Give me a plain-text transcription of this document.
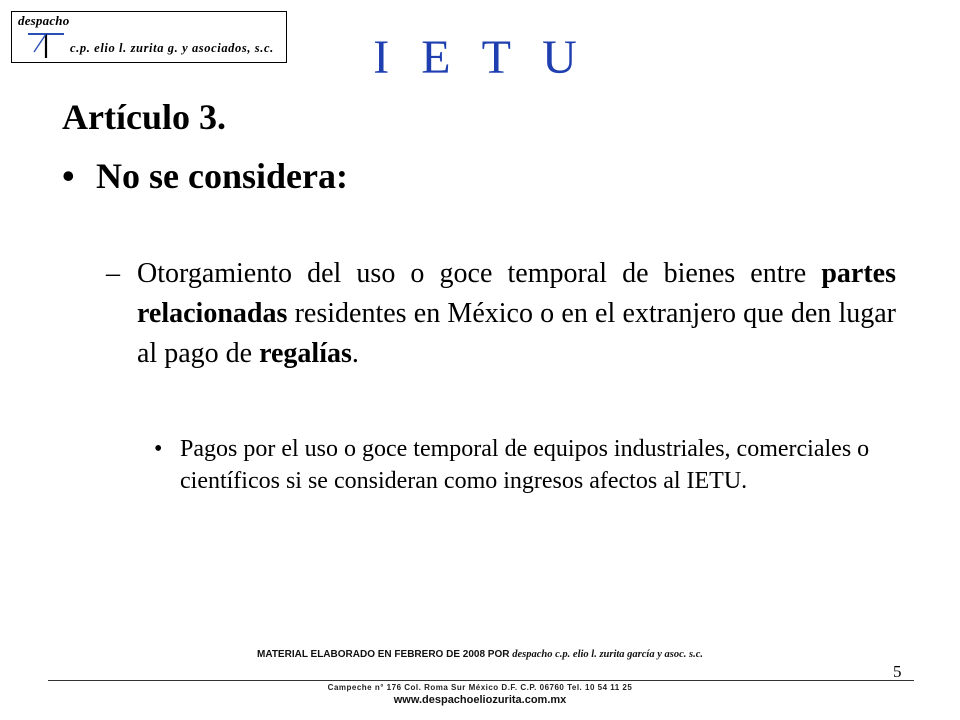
despacho
c.p. elio l. zurita g. y asociados, s.c.	I E T U
Artículo 3.
• No se considera:
– Otorgamiento del uso o goce temporal de bienes entre partes relacionadas residentes en México o en el extranjero que den lugar al pago de regalías.
• Pagos por el uso o goce temporal de equipos industriales, comerciales o científicos si se consideran como ingresos afectos al IETU.
MATERIAL ELABORADO EN FEBRERO DE 2008 POR despacho c.p. elio l. zurita garcía y asoc. s.c.
5
Campeche n° 176 Col. Roma Sur México D.F. C.P. 06760 Tel. 10 54 11 25
www.despachoeliozurita.com.mx
